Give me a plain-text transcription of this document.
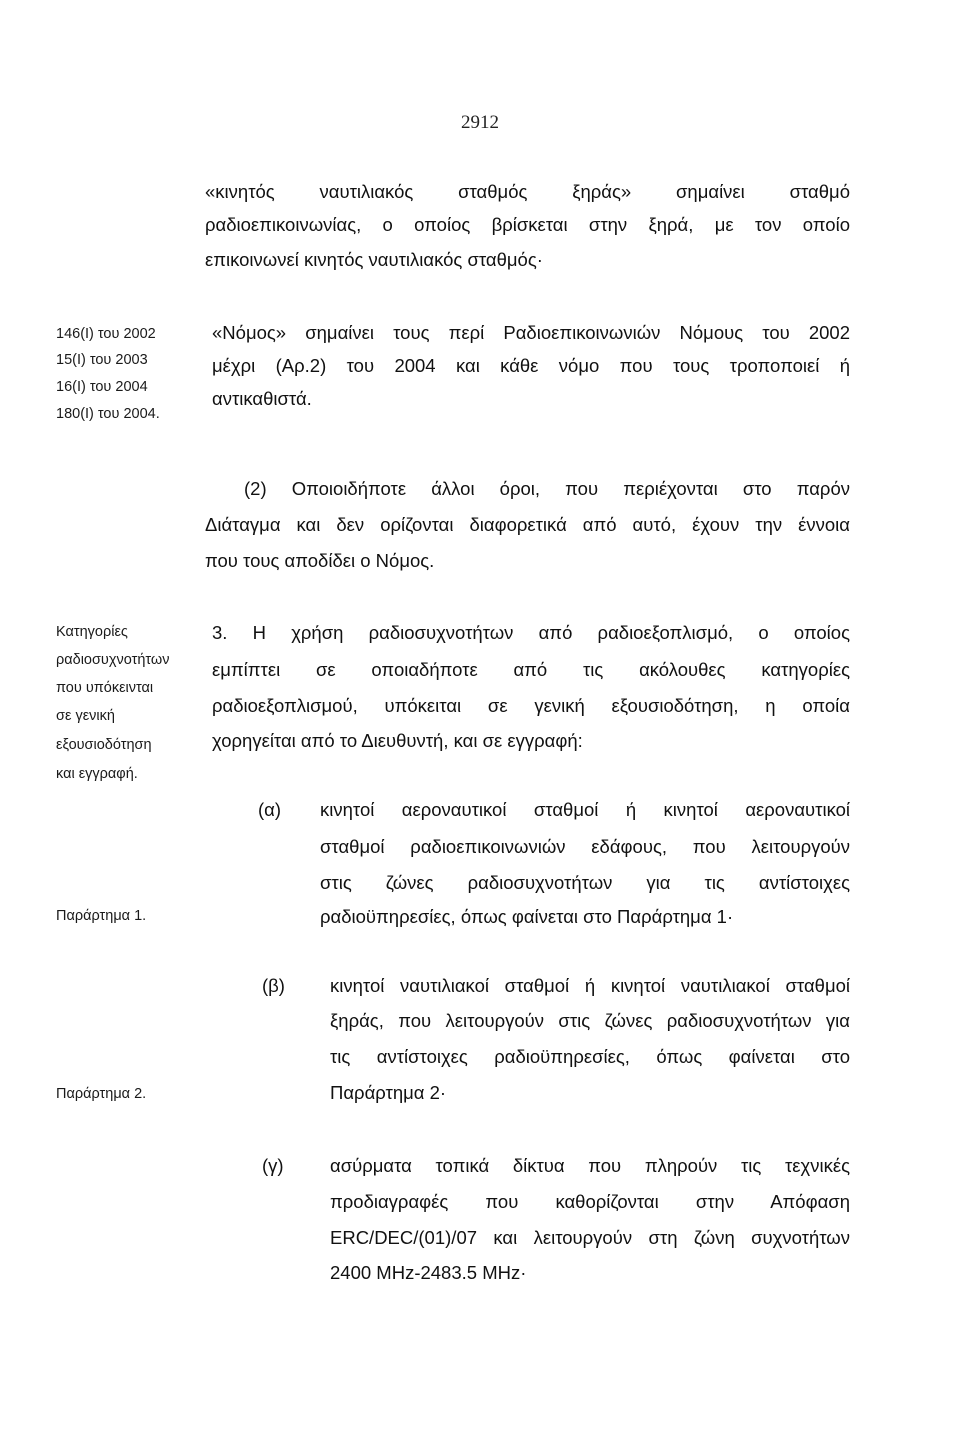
2912
«κινητός ναυτιλιακός σταθμός ξηράς» σημαίνει σταθμό
ραδιοεπικοινωνίας, ο οποίος βρίσκεται στην ξηρά, με τον οποίο
επικοινωνεί κινητός ναυτιλιακός σταθμός·
146(Ι) του 2002
15(Ι) του 2003
16(Ι) του 2004
180(Ι) του 2004.
«Νόμος» σημαίνει τους περί Ραδιοεπικοινωνιών Νόμους του 2002
μέχρι (Αρ.2) του 2004 και κάθε νόμο που τους τροποποιεί ή
αντικαθιστά.
(2) Οποιοιδήποτε άλλοι όροι, που περιέχονται στο παρόν
Διάταγμα και δεν ορίζονται διαφορετικά από αυτό, έχουν την έννοια
που τους αποδίδει ο Νόμος.
Κατηγορίες
ραδιοσυχνοτήτων
που υπόκεινται
σε γενική
εξουσιοδότηση
και εγγραφή.
3. Η χρήση ραδιοσυχνοτήτων από ραδιοεξοπλισμό, ο οποίος
εμπίπτει σε οποιαδήποτε από τις ακόλουθες κατηγορίες
ραδιοεξοπλισμού, υπόκειται σε γενική εξουσιοδότηση, η οποία
χορηγείται από το Διευθυντή, και σε εγγραφή:
(α) κινητοί αεροναυτικοί σταθμοί ή κινητοί αεροναυτικοί
σταθμοί ραδιοεπικοινωνιών εδάφους, που λειτουργούν
στις ζώνες ραδιοσυχνοτήτων για τις αντίστοιχες
ραδιοϋπηρεσίες, όπως φαίνεται στο Παράρτημα 1·
Παράρτημα 1.
(β) κινητοί ναυτιλιακοί σταθμοί ή κινητοί ναυτιλιακοί σταθμοί
ξηράς, που λειτουργούν στις ζώνες ραδιοσυχνοτήτων για
τις αντίστοιχες ραδιοϋπηρεσίες, όπως φαίνεται στο
Παράρτημα 2·
Παράρτημα 2.
(γ)	ασύρματα τοπικά δίκτυα που πληρούν τις τεχνικές
προδιαγραφές που καθορίζονται στην Απόφαση
ERC/DEC/(01)/07 και λειτουργούν στη ζώνη συχνοτήτων
2400 MHz-2483.5 MHz·
